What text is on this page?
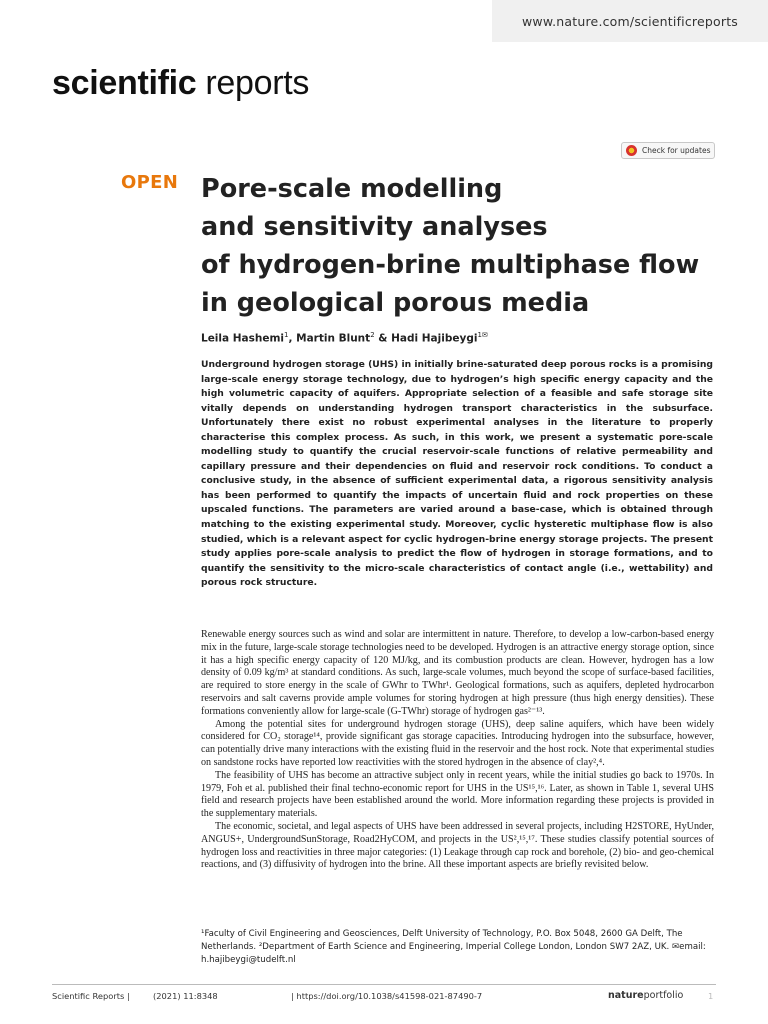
www.nature.com/scientificreports
scientific reports
Check for updates
OPEN Pore-scale modelling
and sensitivity analyses
of hydrogen-brine multiphase flow
in geological porous media
Leila Hashemi$^1$, Martin Blunt$^2$ & Hadi Hajibeygi$^{1✉}$

Underground hydrogen storage (UHS) in initially brine-saturated deep porous rocks is a promising large-scale energy storage technology, due to hydrogen’s high specific energy capacity and the high volumetric capacity of aquifers. Appropriate selection of a feasible and safe storage site vitally depends on understanding hydrogen transport characteristics in the subsurface. Unfortunately there exist no robust experimental analyses in the literature to properly characterise this complex process. As such, in this work, we present a systematic pore-scale modelling study to quantify the crucial reservoir-scale functions of relative permeability and capillary pressure and their dependencies on fluid and reservoir rock conditions. To conduct a conclusive study, in the absence of sufficient experimental data, a rigorous sensitivity analysis has been performed to quantify the impacts of uncertain fluid and rock properties on these upscaled functions. The parameters are varied around a base-case, which is obtained through matching to the existing experimental study. Moreover, cyclic hysteretic multiphase flow is also studied, which is a relevant aspect for cyclic hydrogen-brine energy storage projects. The present study applies pore-scale analysis to predict the flow of hydrogen in storage formations, and to quantify the sensitivity to the micro-scale characteristics of contact angle (i.e., wettability) and porous rock structure.

Renewable energy sources such as wind and solar are intermittent in nature. Therefore, to develop a low-carbon-based energy mix in the future, large-scale storage technologies need to be developed. Hydrogen is an attractive energy storage option, since it has a high specific energy capacity of 120 MJ/kg, and its combustion products are clean. However, hydrogen has a low density of 0.09 kg/m³ at standard conditions. As such, large-scale volumes, much beyond the scope of surface-based facilities, are required to store energy in the scale of GWhr to TWhr¹. Geological formations, such as aquifers, depleted hydrocarbon reservoirs and salt caverns provide ample volumes for storing hydrogen at high pressure (thus high energy densities). These formations conveniently allow for large-scale (G-TWhr) storage of hydrogen gas²⁻¹³.

Among the potential sites for underground hydrogen storage (UHS), deep saline aquifers, which have been widely considered for CO₂ storage¹⁴, provide significant gas storage capacities. Introducing hydrogen into the subsurface, however, can potentially drive many interactions with the existing fluid in the reservoir and the host rock. Note that experimental studies on sandstone rocks have reported low reactivities with the stored hydrogen in the absence of clay²,⁴.

The feasibility of UHS has become an attractive subject only in recent years, while the initial studies go back to 1970s. In 1979, Foh et al. published their final techno-economic report for UHS in the US¹⁵,¹⁶. Later, as shown in Table 1, several UHS field and research projects have been established around the world. More information regarding these projects is provided in the supplementary materials.

The economic, societal, and legal aspects of UHS have been addressed in several projects, including H2STORE, HyUnder, ANGUS+, UndergroundSunStorage, Road2HyCOM, and projects in the US²,¹⁵,¹⁷. These studies classify potential sources of hydrogen loss and reactivities in three major categories: (1) Leakage through cap rock and borehole, (2) bio- and geo-chemical reactions, and (3) diffusivity of hydrogen into the brine. All these important aspects are briefly revisited below.

¹Faculty of Civil Engineering and Geosciences, Delft University of Technology, P.O. Box 5048, 2600 GA Delft, The Netherlands. ²Department of Earth Science and Engineering, Imperial College London, London SW7 2AZ, UK. ✉email: h.hajibeygi@tudelft.nl

Scientific Reports |	(2021) 11:8348	| https://doi.org/10.1038/s41598-021-87490-7	natureportfolio	1
